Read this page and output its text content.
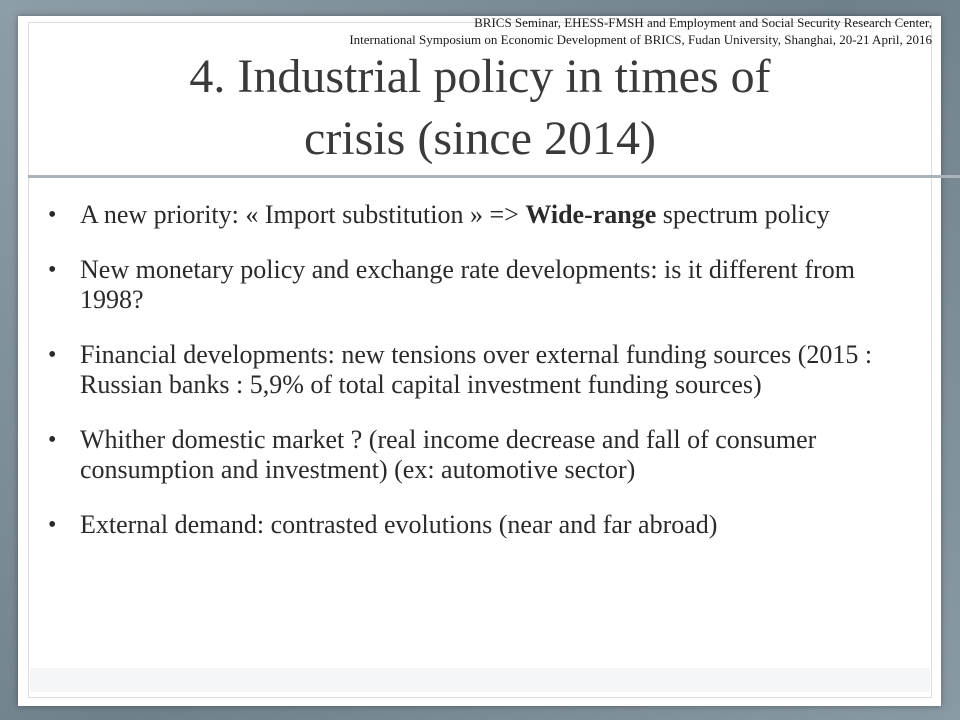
BRICS Seminar, EHESS-FMSH and Employment and Social Security Research Center,
International Symposium on Economic Development of BRICS, Fudan University, Shanghai, 20-21 April, 2016
4. Industrial policy in times of
crisis (since 2014)
• A new priority: « Import substitution » => Wide-range spectrum policy
• New monetary policy and exchange rate developments: is it different from 1998?
• Financial developments: new tensions over external funding sources (2015 : Russian banks : 5,9% of total capital investment funding sources)
• Whither domestic market ? (real income decrease and fall of consumer consumption and investment) (ex: automotive sector)
• External demand: contrasted evolutions (near and far abroad)
